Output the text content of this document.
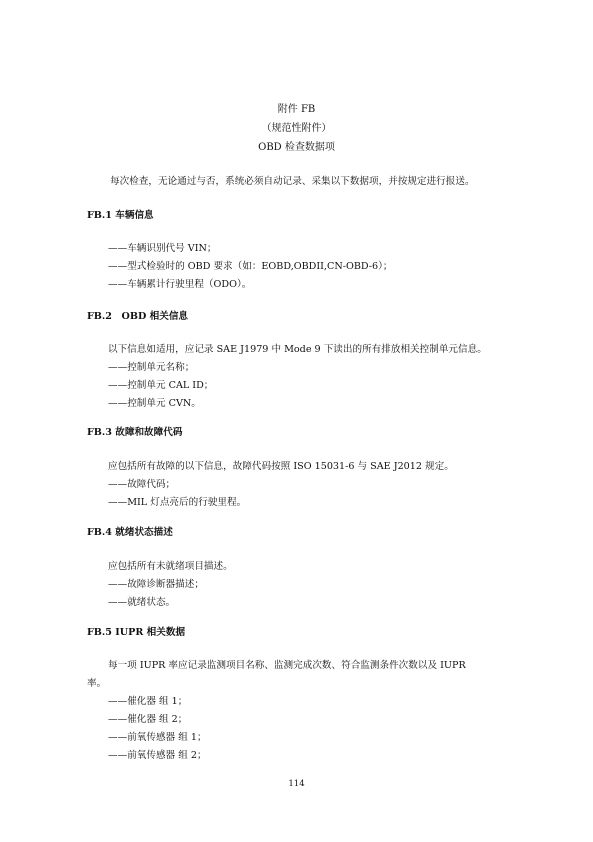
附件 FB
（规范性附件）
OBD 检查数据项
每次检查，无论通过与否，系统必须自动记录、采集以下数据项，并按规定进行报送。
FB.1 车辆信息
——车辆识别代号 VIN；
——型式检验时的 OBD 要求（如：EOBD,OBDII,CN-OBD-6）；
——车辆累计行驶里程（ODO）。
FB.2　OBD 相关信息
以下信息如适用，应记录 SAE J1979 中 Mode 9 下读出的所有排放相关控制单元信息。
——控制单元名称；
——控制单元 CAL ID；
——控制单元 CVN。
FB.3 故障和故障代码
应包括所有故障的以下信息，故障代码按照 ISO 15031-6 与 SAE J2012 规定。
——故障代码；
——MIL 灯点亮后的行驶里程。
FB.4 就绪状态描述
应包括所有未就绪项目描述。
——故障诊断器描述；
——就绪状态。
FB.5 IUPR 相关数据
每一项 IUPR 率应记录监测项目名称、监测完成次数、符合监测条件次数以及 IUPR
率。
——催化器 组 1；
——催化器 组 2；
——前氧传感器 组 1；
——前氧传感器 组 2；
114
